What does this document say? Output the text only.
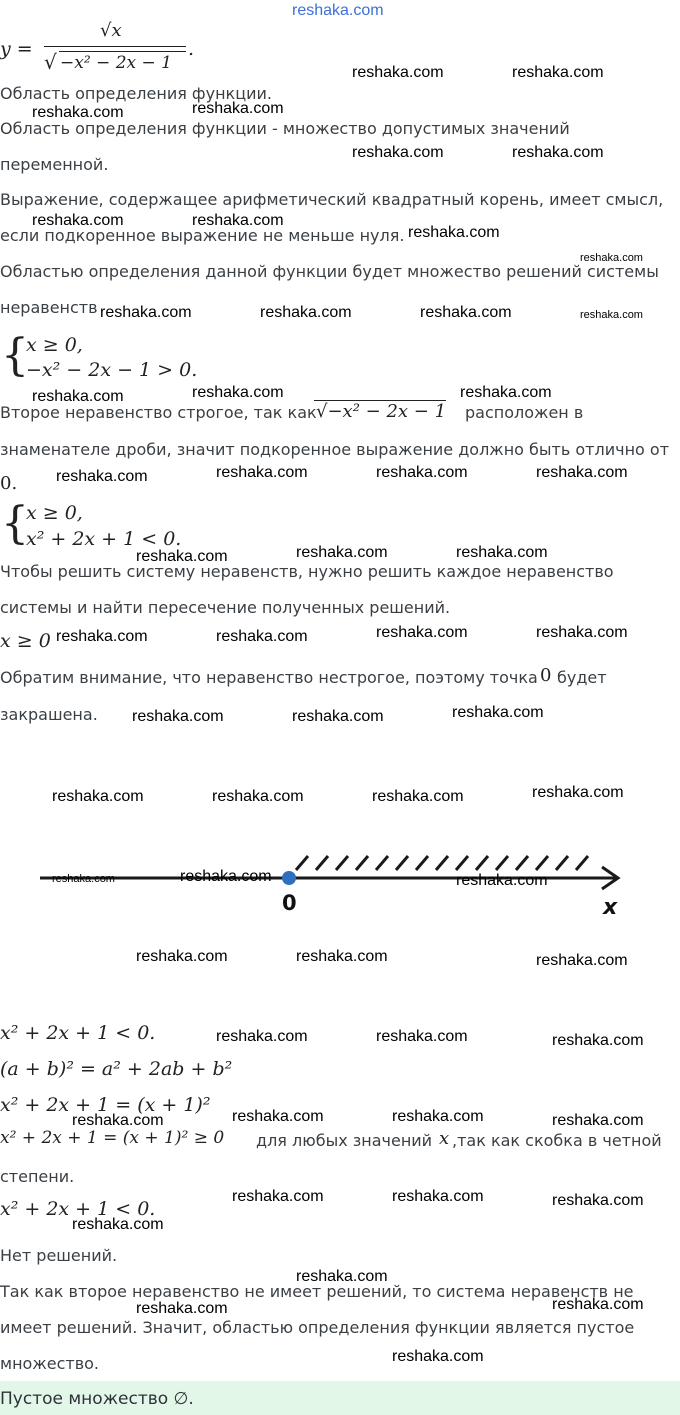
reshaka.com
y =
√x
√ −x² − 2x − 1
.
Область определения функции.
Область определения функции - множество допустимых значений
переменной.
Выражение, содержащее арифметический квадратный корень, имеет смысл,
если подкоренное выражение не меньше нуля.
Областью определения данной функции будет множество решений системы
неравенств
{
x ≥ 0,
−x² − 2x − 1 > 0.
Второе неравенство строгое, так как √−x² − 2x − 1 расположен в
знаменателе дроби, значит подкоренное выражение должно быть отлично от
0.
{
x ≥ 0,
x² + 2x + 1 < 0.
Чтобы решить систему неравенств, нужно решить каждое неравенство
системы и найти пересечение полученных решений.
x ≥ 0
Обратим внимание, что неравенство нестрогое, поэтому точка 0 будет
закрашена.
0	x
x² + 2x + 1 < 0.
(a + b)² = a² + 2ab + b²
x² + 2x + 1 = (x + 1)²
x² + 2x + 1 = (x + 1)² ≥ 0 для любых значений x ,так как скобка в четной
степени.
x² + 2x + 1 < 0.
Нет решений.
Так как второе неравенство не имеет решений, то система неравенств не
имеет решений. Значит, областью определения функции является пустое
множество.
Пустое множество ∅.
reshaka.com	reshaka.com
reshaka.com	reshaka.com
reshaka.com	reshaka.com
reshaka.com	reshaka.com
reshaka.com
reshaka.com
reshaka.com	reshaka.com	reshaka.com	reshaka.com
reshaka.com	reshaka.com	reshaka.com
reshaka.com	reshaka.com	reshaka.com	reshaka.com
reshaka.com	reshaka.com	reshaka.com
reshaka.com	reshaka.com	reshaka.com	reshaka.com
reshaka.com	reshaka.com	reshaka.com
reshaka.com	reshaka.com	reshaka.com	reshaka.com
reshaka.com	reshaka.com	reshaka.com
reshaka.com	reshaka.com	reshaka.com
reshaka.com	reshaka.com	reshaka.com
reshaka.com	reshaka.com	reshaka.com	reshaka.com
reshaka.com	reshaka.com	reshaka.com
reshaka.com
reshaka.com
reshaka.com	reshaka.com
reshaka.com
